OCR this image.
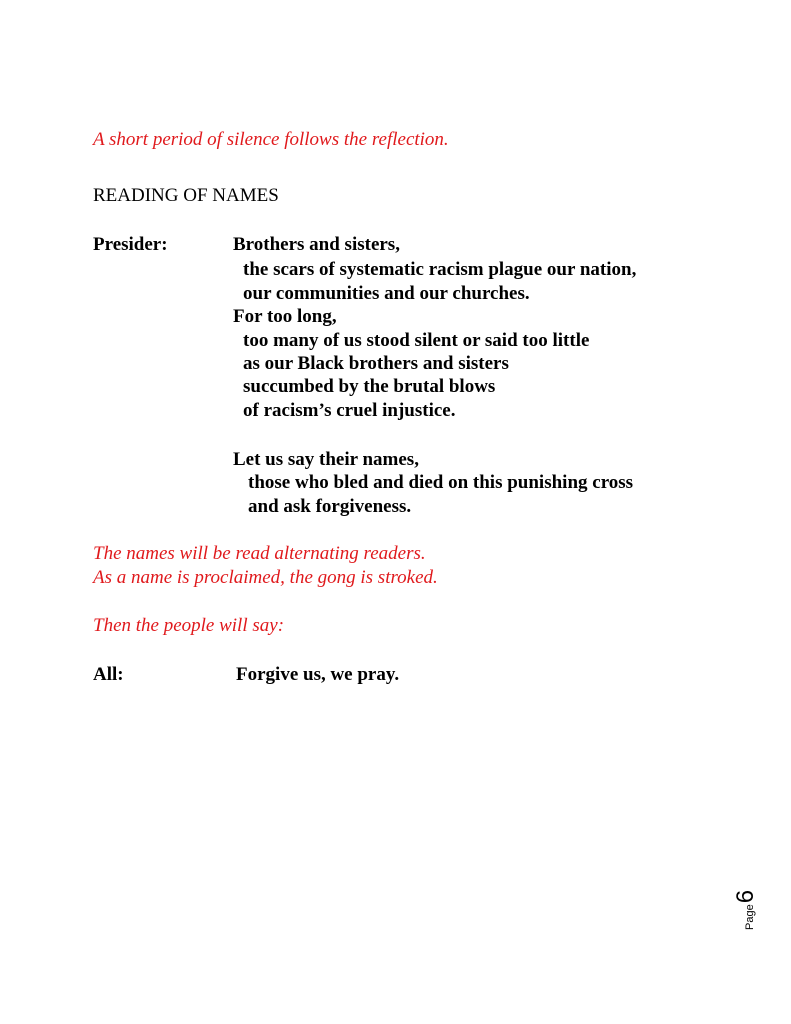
A short period of silence follows the reflection.
READING OF NAMES
Presider:	Brothers and sisters,
the scars of systematic racism plague our nation,
our communities and our churches.
For too long,
too many of us stood silent or said too little
as our Black brothers and sisters
succumbed by the brutal blows
of racism’s cruel injustice.
Let us say their names,
those who bled and died on this punishing cross
and ask forgiveness.
The names will be read alternating readers.
As a name is proclaimed, the gong is stroked.
Then the people will say:
All:	Forgive us, we pray.
Page
6
